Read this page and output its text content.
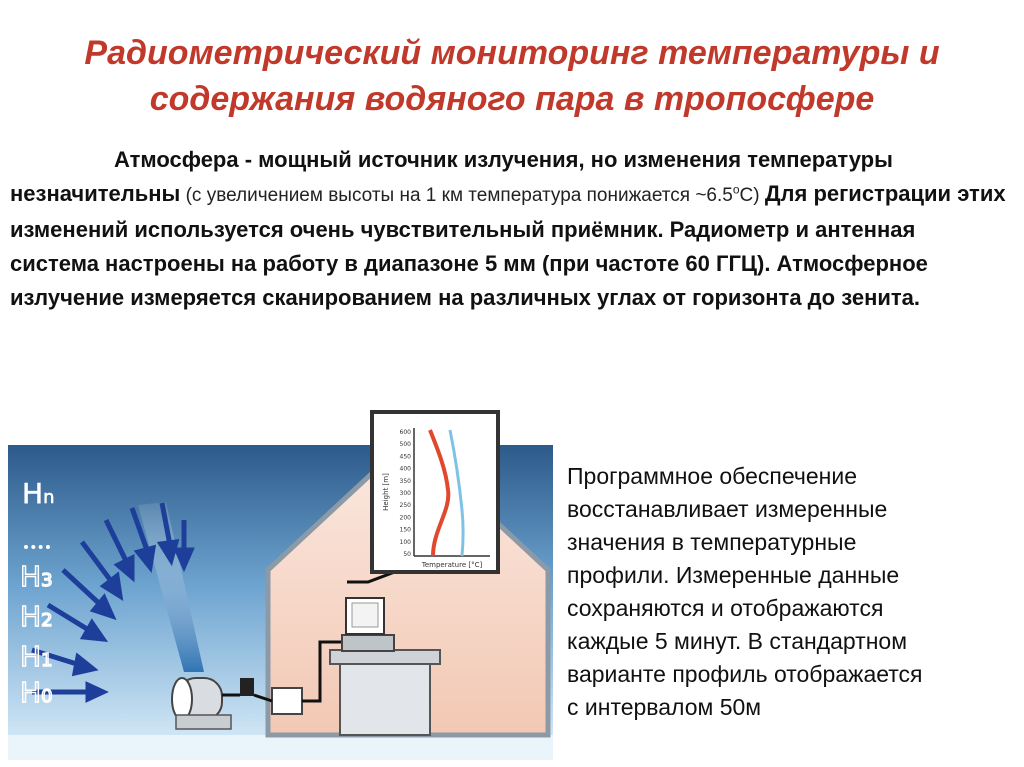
Радиометрический мониторинг температуры и
содержания водяного пара в тропосфере
Атмосфера - мощный источник излучения, но изменения температуры незначительны (с увеличением высоты на 1 км температура понижается $\sim 6.5^оС$) Для регистрации этих изменений используется очень чувствительный приёмник. Радиометр и антенная система настроены на работу в диапазоне 5 мм (при частоте 60 ГГЦ). Атмосферное излучение измеряется сканированием на различных углах от горизонта до зенита.
600
500
450
400
350
300
250
200
150
100
50
Height [m]
Temperature [°C]
Hn
H3
H2
H1
H0
Программное обеспечение
восстанавливает измеренные
значения в температурные
профили. Измеренные данные
сохраняются и отображаются
каждые 5 минут. В стандартном
варианте профиль отображается
с интервалом 50м
